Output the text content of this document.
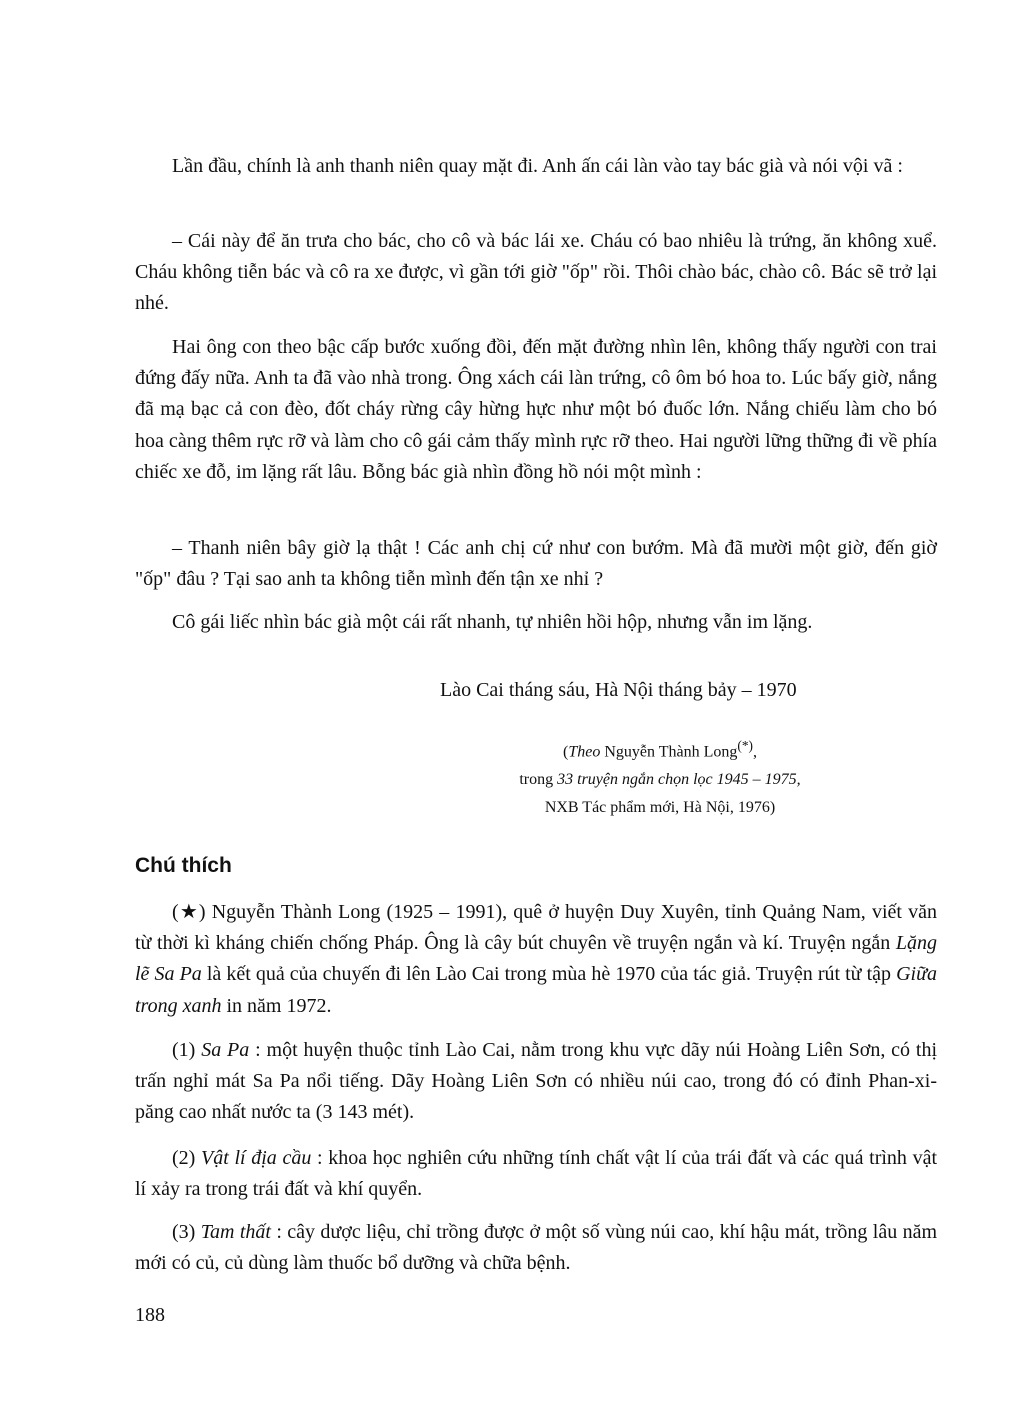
Lần đầu, chính là anh thanh niên quay mặt đi. Anh ấn cái làn vào tay bác già và nói vội vã :
– Cái này để ăn trưa cho bác, cho cô và bác lái xe. Cháu có bao nhiêu là trứng, ăn không xuể. Cháu không tiễn bác và cô ra xe được, vì gần tới giờ "ốp" rồi. Thôi chào bác, chào cô. Bác sẽ trở lại nhé.
Hai ông con theo bậc cấp bước xuống đồi, đến mặt đường nhìn lên, không thấy người con trai đứng đấy nữa. Anh ta đã vào nhà trong. Ông xách cái làn trứng, cô ôm bó hoa to. Lúc bấy giờ, nắng đã mạ bạc cả con đèo, đốt cháy rừng cây hừng hực như một bó đuốc lớn. Nắng chiếu làm cho bó hoa càng thêm rực rỡ và làm cho cô gái cảm thấy mình rực rỡ theo. Hai người lững thững đi về phía chiếc xe đỗ, im lặng rất lâu. Bỗng bác già nhìn đồng hồ nói một mình :
– Thanh niên bây giờ lạ thật ! Các anh chị cứ như con bướm. Mà đã mười một giờ, đến giờ "ốp" đâu ? Tại sao anh ta không tiễn mình đến tận xe nhỉ ?
Cô gái liếc nhìn bác già một cái rất nhanh, tự nhiên hồi hộp, nhưng vẫn im lặng.
Lào Cai tháng sáu, Hà Nội tháng bảy – 1970
(Theo Nguyễn Thành Long(*),
trong 33 truyện ngắn chọn lọc 1945 – 1975,
NXB Tác phẩm mới, Hà Nội, 1976)
Chú thích
(★) Nguyễn Thành Long (1925 – 1991), quê ở huyện Duy Xuyên, tỉnh Quảng Nam, viết văn từ thời kì kháng chiến chống Pháp. Ông là cây bút chuyên về truyện ngắn và kí. Truyện ngắn Lặng lẽ Sa Pa là kết quả của chuyến đi lên Lào Cai trong mùa hè 1970 của tác giả. Truyện rút từ tập Giữa trong xanh in năm 1972.
(1) Sa Pa : một huyện thuộc tỉnh Lào Cai, nằm trong khu vực dãy núi Hoàng Liên Sơn, có thị trấn nghỉ mát Sa Pa nổi tiếng. Dãy Hoàng Liên Sơn có nhiều núi cao, trong đó có đỉnh Phan-xi-păng cao nhất nước ta (3 143 mét).
(2) Vật lí địa cầu : khoa học nghiên cứu những tính chất vật lí của trái đất và các quá trình vật lí xảy ra trong trái đất và khí quyển.
(3) Tam thất : cây dược liệu, chỉ trồng được ở một số vùng núi cao, khí hậu mát, trồng lâu năm mới có củ, củ dùng làm thuốc bổ dưỡng và chữa bệnh.
188
